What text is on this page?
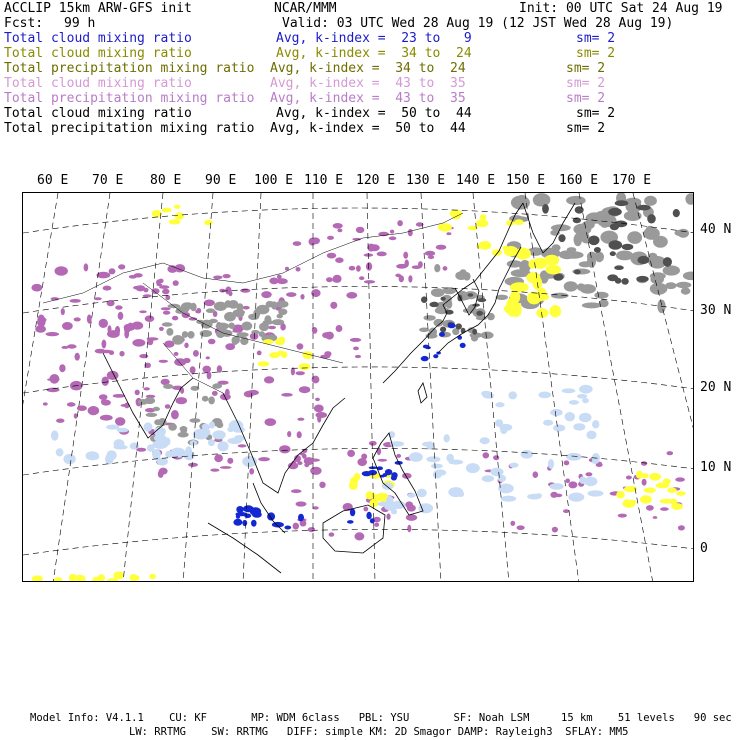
ACCLIP 15km ARW-GFS init	NCAR/MMM	Init: 00 UTC Sat 24 Aug 19
Fcst: 99 h	Valid: 03 UTC Wed 28 Aug 19 (12 JST Wed 28 Aug 19)
Total cloud mixing ratio	Avg, k-index =  23 to   9	sm= 2
Total cloud mixing ratio	Avg, k-index =  34 to  24	sm= 2
Total precipitation mixing ratio Avg, k-index =  34 to  24	sm= 2
Total cloud mixing ratio	Avg, k-index =  43 to  35	sm= 2
Total precipitation mixing ratio Avg, k-index =  43 to  35	sm= 2
Total cloud mixing ratio	Avg, k-index =  50 to  44	sm= 2
Total precipitation mixing ratio Avg, k-index =  50 to  44	sm= 2
60 E 70 E 80 E 90 E 100 E 110 E 120 E 130 E 140 E 150 E 160 E 170 E
40 N
30 N
20 N
10 N
0
Model Info: V4.1.1    CU: KF       MP: WDM 6class   PBL: YSU       SF: Noah LSM     15 km    51 levels   90 sec
LW: RRTMG    SW: RRTMG   DIFF: simple KM: 2D Smagor DAMP: Rayleigh3  SFLAY: MM5
